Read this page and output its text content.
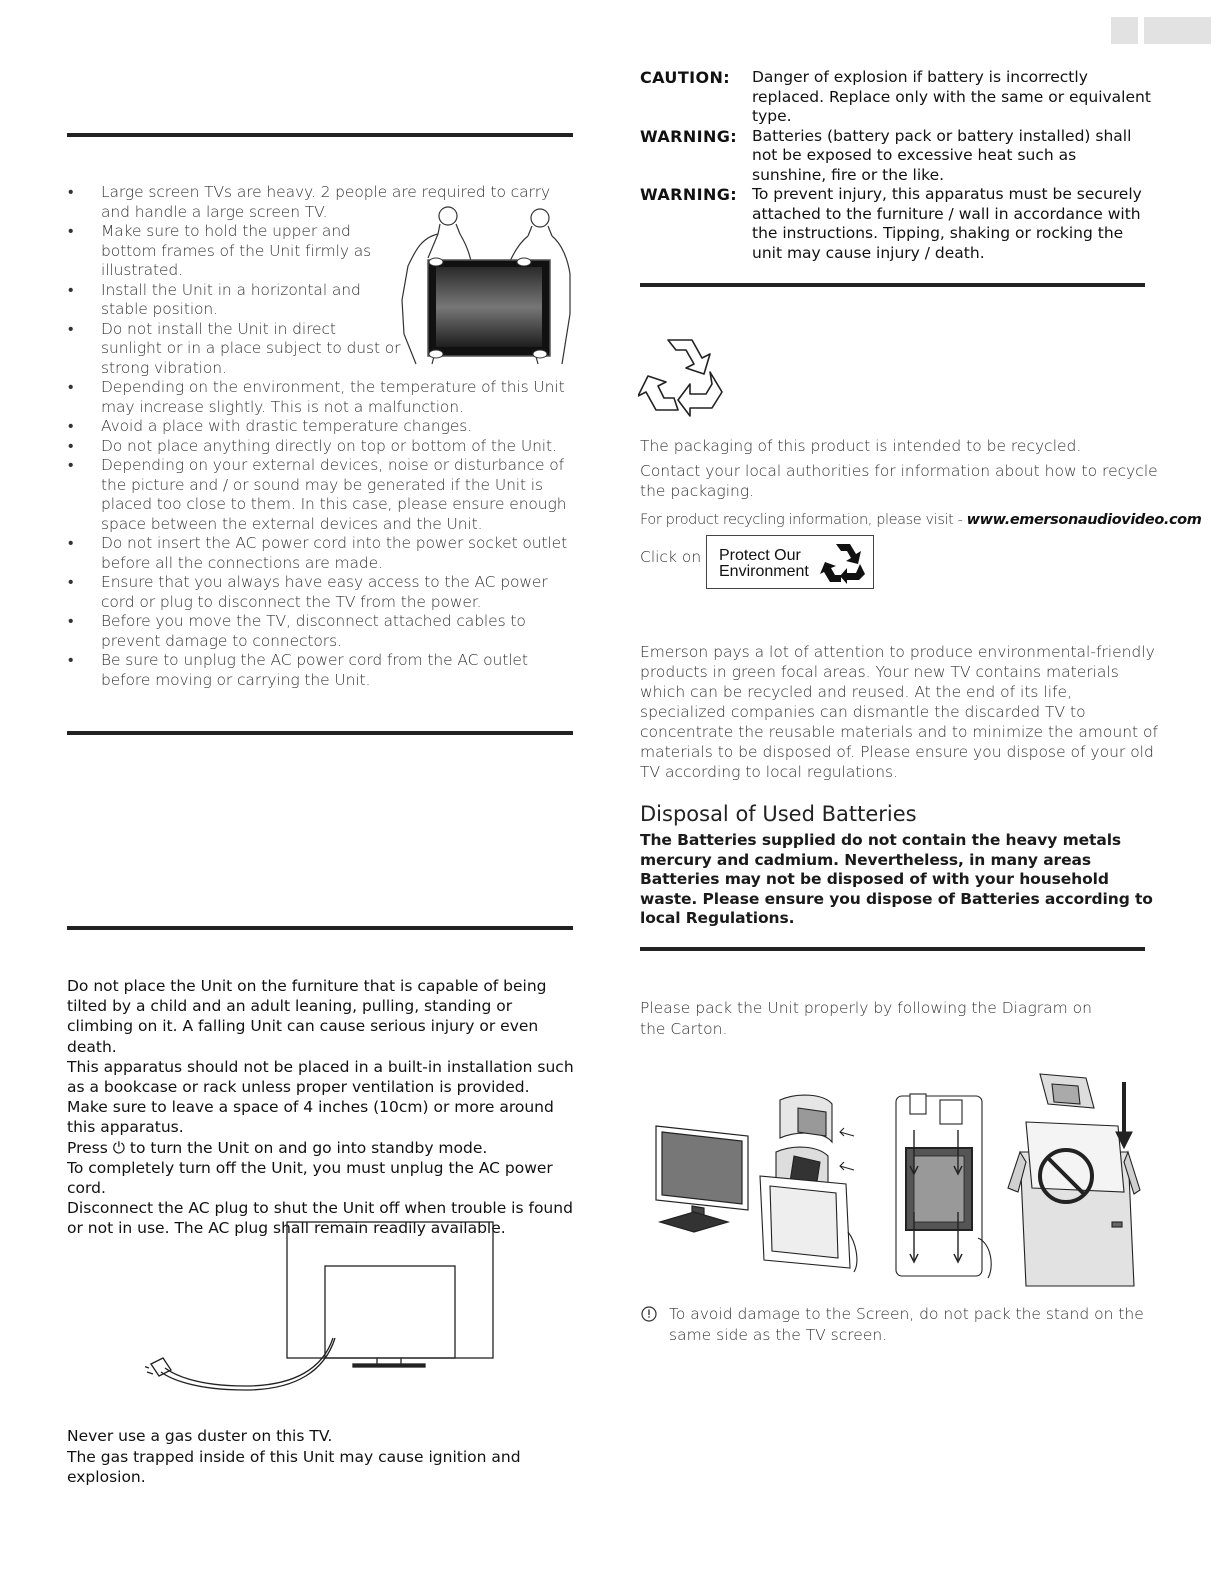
• Large screen TVs are heavy. 2 people are required to carry and handle a large screen TV.
• Make sure to hold the upper and bottom frames of the Unit firmly as illustrated.
• Install the Unit in a horizontal and stable position.
• Do not install the Unit in direct sunlight or in a place subject to dust or strong vibration.
• Depending on the environment, the temperature of this Unit may increase slightly. This is not a malfunction.
• Avoid a place with drastic temperature changes.
• Do not place anything directly on top or bottom of the Unit.
• Depending on your external devices, noise or disturbance of the picture and / or sound may be generated if the Unit is placed too close to them. In this case, please ensure enough space between the external devices and the Unit.
• Do not insert the AC power cord into the power socket outlet before all the connections are made.
• Ensure that you always have easy access to the AC power cord or plug to disconnect the TV from the power.
• Before you move the TV, disconnect attached cables to prevent damage to connectors.
• Be sure to unplug the AC power cord from the AC outlet before moving or carrying the Unit.

Do not place the Unit on the furniture that is capable of being tilted by a child and an adult leaning, pulling, standing or climbing on it. A falling Unit can cause serious injury or even death.

This apparatus should not be placed in a built-in installation such as a bookcase or rack unless proper ventilation is provided.

Make sure to leave a space of 4 inches (10cm) or more around this apparatus.

Press ⏻ to turn the Unit on and go into standby mode.

To completely turn off the Unit, you must unplug the AC power cord.

Disconnect the AC plug to shut the Unit off when trouble is found or not in use. The AC plug shall remain readily available.

Never use a gas duster on this TV.

The gas trapped inside of this Unit may cause ignition and explosion.

CAUTION:	Danger of explosion if battery is incorrectly replaced. Replace only with the same or equivalent type.
WARNING: Batteries (battery pack or battery installed) shall not be exposed to excessive heat such as sunshine, fire or the like.
WARNING: To prevent injury, this apparatus must be securely attached to the furniture / wall in accordance with the instructions. Tipping, shaking or rocking the unit may cause injury / death.

The packaging of this product is intended to be recycled.

Contact your local authorities for information about how to recycle the packaging.

For product recycling information, please visit - www.emersonaudiovideo.com

Click on Protect Our
Environment

Emerson pays a lot of attention to produce environmental-friendly products in green focal areas. Your new TV contains materials which can be recycled and reused. At the end of its life, specialized companies can dismantle the discarded TV to concentrate the reusable materials and to minimize the amount of materials to be disposed of. Please ensure you dispose of your old TV according to local regulations.

Disposal of Used Batteries

The Batteries supplied do not contain the heavy metals mercury and cadmium. Nevertheless, in many areas Batteries may not be disposed of with your household waste. Please ensure you dispose of Batteries according to local Regulations.

Please pack the Unit properly by following the Diagram on the Carton.

To avoid damage to the Screen, do not pack the stand on the same side as the TV screen.
